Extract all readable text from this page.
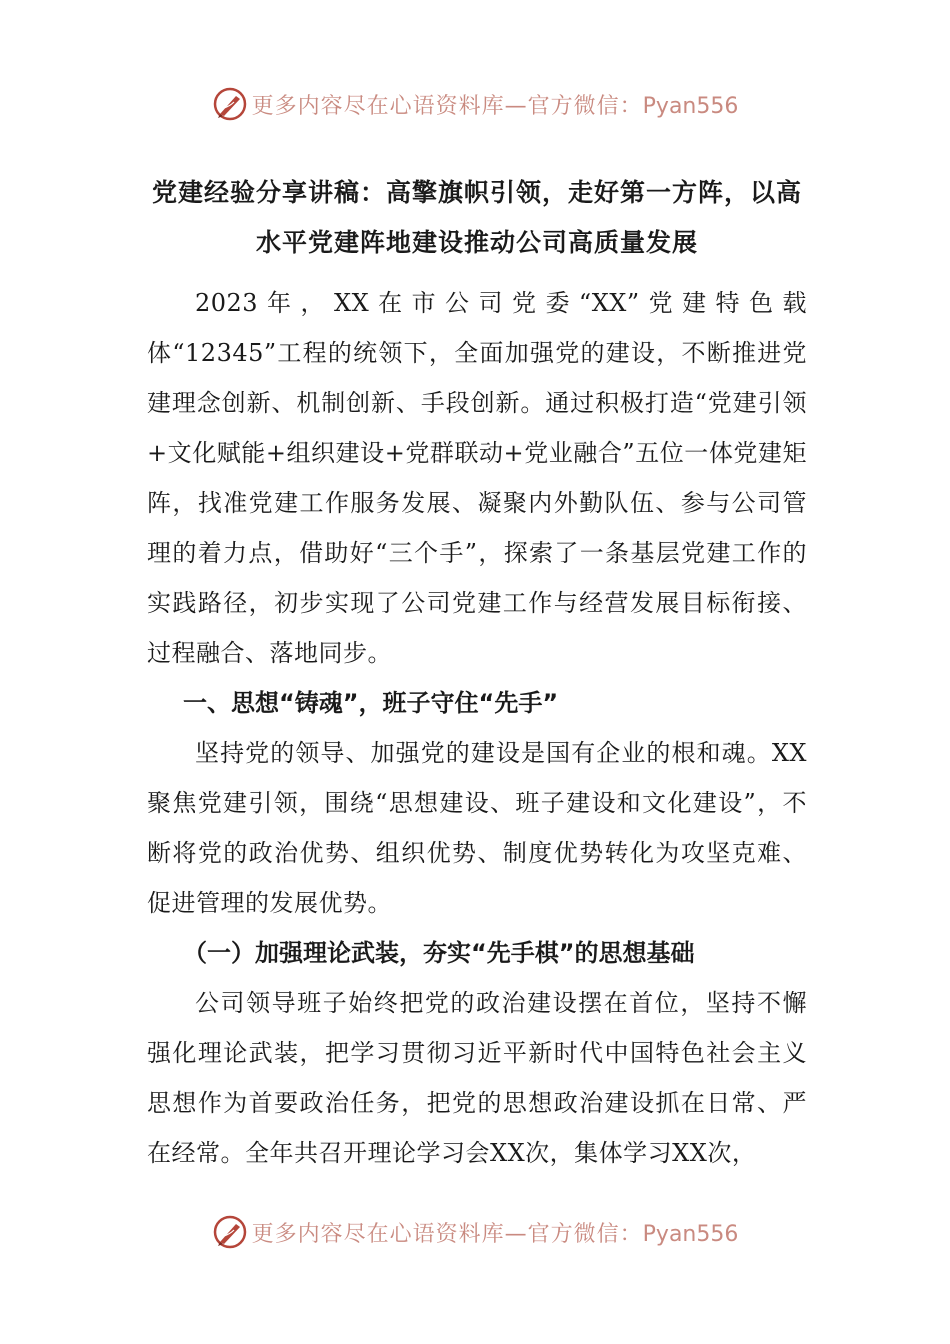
更多内容尽在心语资料库—官方微信：Pyan556
党建经验分享讲稿：高擎旗帜引领，走好第一方阵，以高
水平党建阵地建设推动公司高质量发展

2023年，XX在市公司党委“XX”党建特色载体“12345”工程的统领下，全面加强党的建设，不断推进党建理念创新、机制创新、手段创新。通过积极打造“党建引领+文化赋能+组织建设+党群联动+党业融合”五位一体党建矩阵，找准党建工作服务发展、凝聚内外勤队伍、参与公司管理的着力点，借助好“三个手”，探索了一条基层党建工作的实践路径，初步实现了公司党建工作与经营发展目标衔接、过程融合、落地同步。

一、思想“铸魂”，班子守住“先手”

坚持党的领导、加强党的建设是国有企业的根和魂。XX聚焦党建引领，围绕“思想建设、班子建设和文化建设”，不断将党的政治优势、组织优势、制度优势转化为攻坚克难、促进管理的发展优势。

（一）加强理论武装，夯实“先手棋”的思想基础

公司领导班子始终把党的政治建设摆在首位，坚持不懈强化理论武装，把学习贯彻习近平新时代中国特色社会主义思想作为首要政治任务，把党的思想政治建设抓在日常、严在经常。全年共召开理论学习会XX次，集体学习XX次，

更多内容尽在心语资料库—官方微信：Pyan556
